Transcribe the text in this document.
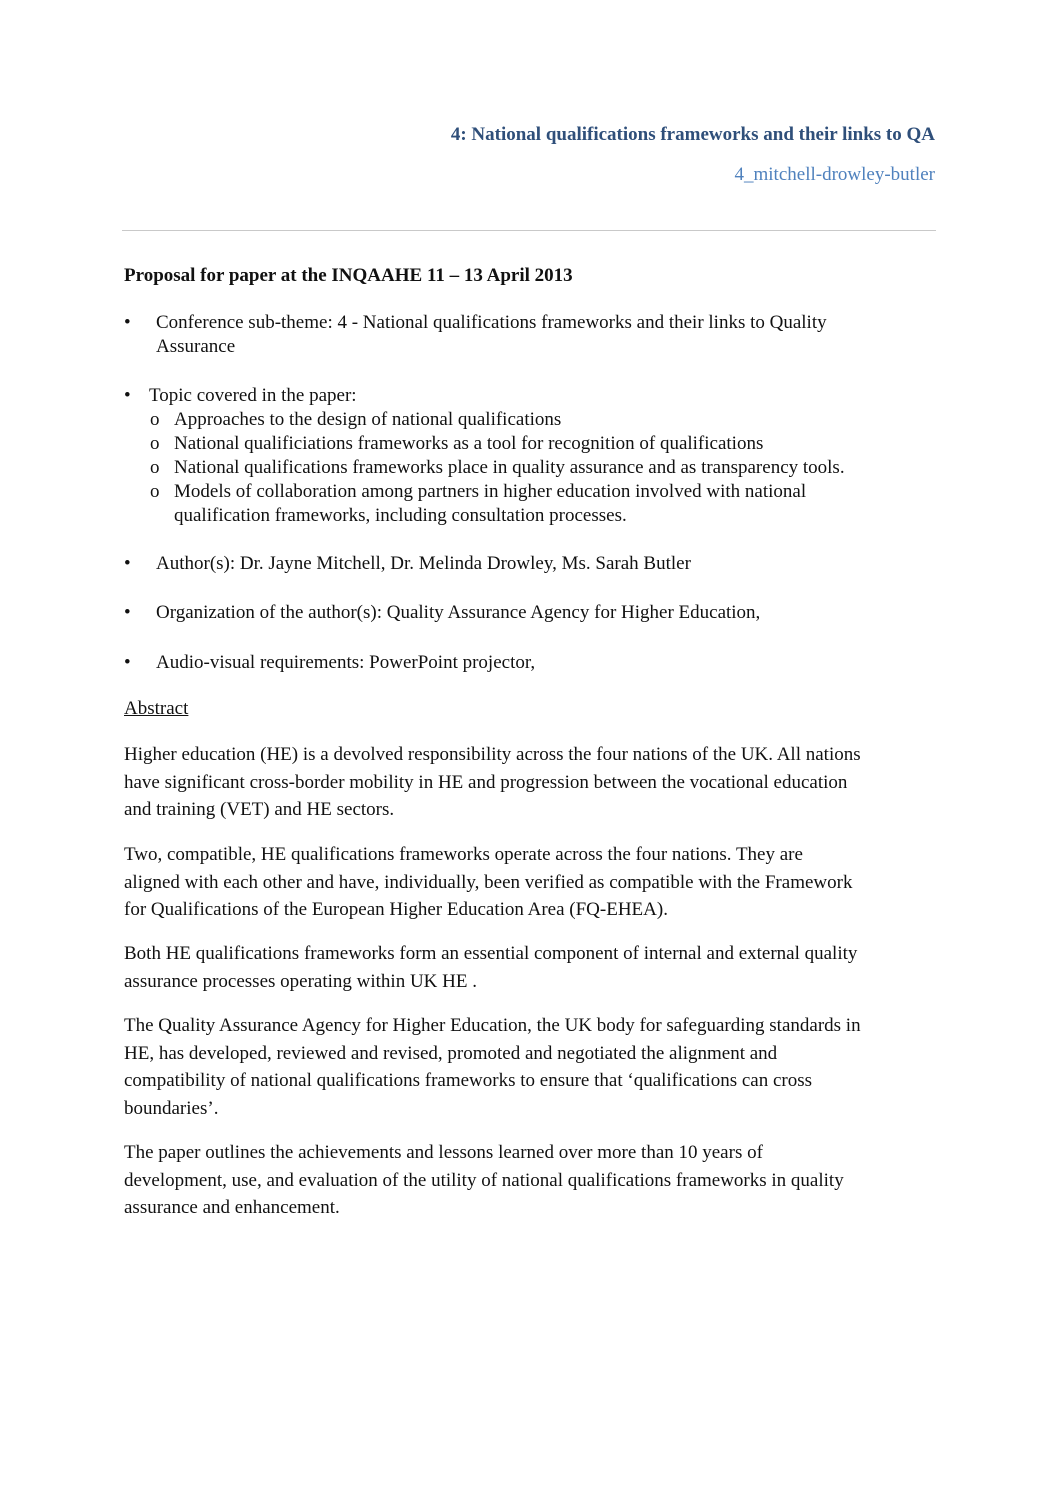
4: National qualifications frameworks and their links to QA
4_mitchell-drowley-butler
Proposal for paper at the INQAAHE 11 – 13 April 2013
•	Conference sub-theme: 4 - National qualifications frameworks and their links to Quality
Assurance
• Topic covered in the paper:
o Approaches to the design of national qualifications
o National qualificiations frameworks as a tool for recognition of qualifications
o National qualifications frameworks place in quality assurance and as transparency tools.
o Models of collaboration among partners in higher education involved with national
qualification frameworks, including consultation processes.
•	Author(s): Dr. Jayne Mitchell, Dr. Melinda Drowley, Ms. Sarah Butler
•	Organization of the author(s): Quality Assurance Agency for Higher Education,
•	Audio-visual requirements: PowerPoint projector,
Abstract
Higher education (HE) is a devolved responsibility across the four nations of the UK. All nations
have significant cross-border mobility in HE and progression between the vocational education
and training (VET) and HE sectors.
Two, compatible, HE qualifications frameworks operate across the four nations. They are
aligned with each other and have, individually, been verified as compatible with the Framework
for Qualifications of the European Higher Education Area (FQ-EHEA).
Both HE qualifications frameworks form an essential component of internal and external quality
assurance processes operating within UK HE .
The Quality Assurance Agency for Higher Education, the UK body for safeguarding standards in
HE, has developed, reviewed and revised, promoted and negotiated the alignment and
compatibility of national qualifications frameworks to ensure that ‘qualifications can cross
boundaries’.
The paper outlines the achievements and lessons learned over more than 10 years of
development, use, and evaluation of the utility of national qualifications frameworks in quality
assurance and enhancement.
